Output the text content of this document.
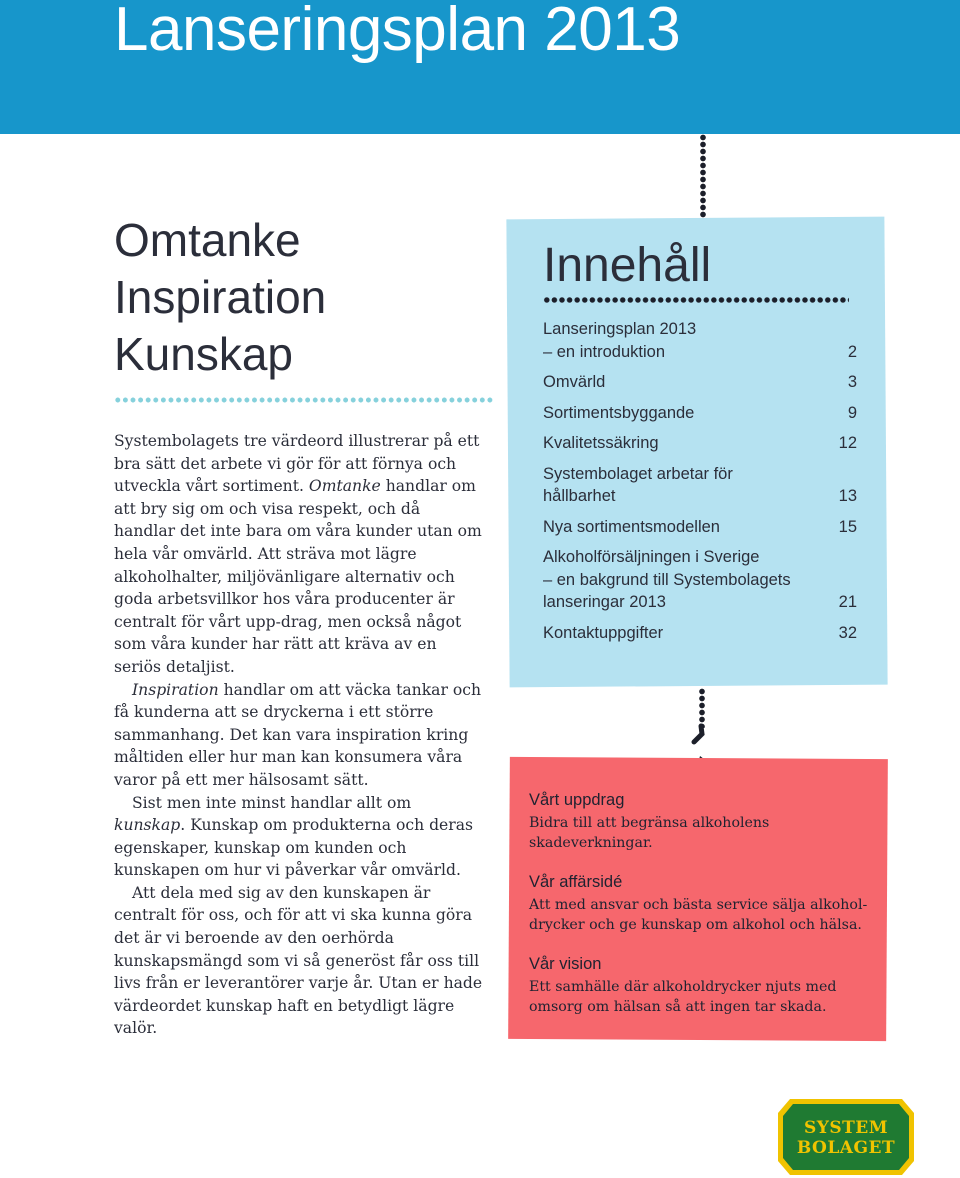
Lanseringsplan 2013
Omtanke
Inspiration
Kunskap

Systembolagets tre värdeord illustrerar på ett bra sätt det arbete vi gör för att förnya och utveckla vårt sortiment. Omtanke handlar om att bry sig om och visa respekt, och då handlar det inte bara om våra kunder utan om hela vår omvärld. Att sträva mot lägre alkoholhalter, miljövänligare alternativ och goda arbetsvillkor hos våra producenter är centralt för vårt upp-drag, men också något som våra kunder har rätt att kräva av en seriös detaljist.

Inspiration handlar om att väcka tankar och få kunderna att se dryckerna i ett större sammanhang. Det kan vara inspiration kring måltiden eller hur man kan konsumera våra varor på ett mer hälsosamt sätt.

Sist men inte minst handlar allt om kunskap. Kunskap om produkterna och deras egenskaper, kunskap om kunden och kunskapen om hur vi påverkar vår omvärld.

Att dela med sig av den kunskapen är centralt för oss, och för att vi ska kunna göra det är vi beroende av den oerhörda kunskapsmängd som vi så generöst får oss till livs från er leverantörer varje år. Utan er hade värdeordet kunskap haft en betydligt lägre valör.

Innehåll
Lanseringsplan 2013
– en introduktion	2
Omvärld	3
Sortimentsbyggande	9
Kvalitetssäkring	12
Systembolaget arbetar för
hållbarhet	13
Nya sortimentsmodellen	15
Alkoholförsäljningen i Sverige
– en bakgrund till Systembolagets
lanseringar 2013	21
Kontaktuppgifter	32
Vårt uppdrag
Bidra till att begränsa alkoholens skadeverkningar.
Vår affärsidé
Att med ansvar och bästa service sälja alkohol-drycker och ge kunskap om alkohol och hälsa.
Vår vision
Ett samhälle där alkoholdrycker njuts med omsorg om hälsan så att ingen tar skada.
SYSTEM
BOLAGET
